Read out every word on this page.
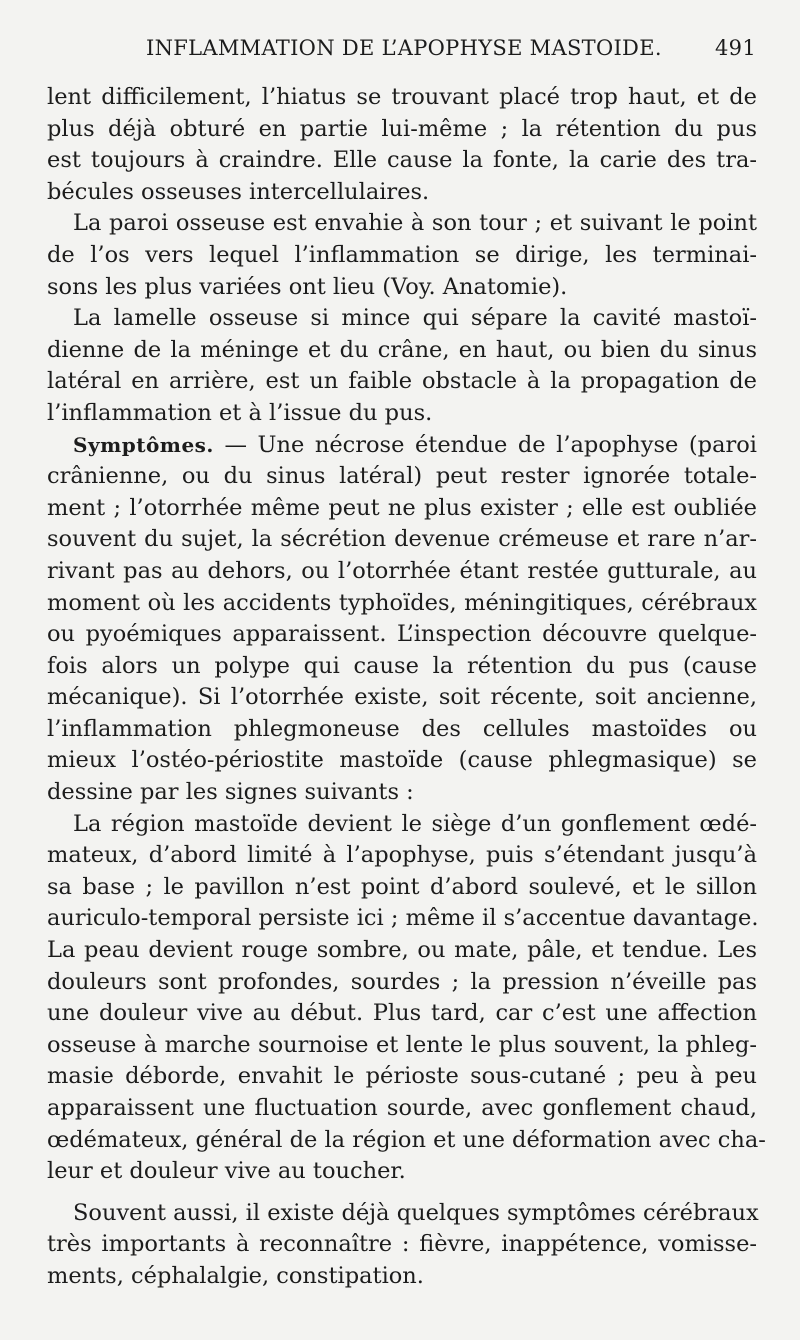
INFLAMMATION DE L’APOPHYSE MASTOIDE.	491
lent difficilement, l’hiatus se trouvant placé trop haut, et de
plus déjà obturé en partie lui-même ; la rétention du pus
est toujours à craindre. Elle cause la fonte, la carie des tra-
bécules osseuses intercellulaires.
La paroi osseuse est envahie à son tour ; et suivant le point
de l’os vers lequel l’inflammation se dirige, les terminai-
sons les plus variées ont lieu (Voy. Anatomie).
La lamelle osseuse si mince qui sépare la cavité mastoï-
dienne de la méninge et du crâne, en haut, ou bien du sinus
latéral en arrière, est un faible obstacle à la propagation de
l’inflammation et à l’issue du pus.
Symptômes. — Une nécrose étendue de l’apophyse (paroi
crânienne, ou du sinus latéral) peut rester ignorée totale-
ment ; l’otorrhée même peut ne plus exister ; elle est oubliée
souvent du sujet, la sécrétion devenue crémeuse et rare n’ar-
rivant pas au dehors, ou l’otorrhée étant restée gutturale, au
moment où les accidents typhoïdes, méningitiques, cérébraux
ou pyoémiques apparaissent. L’inspection découvre quelque-
fois alors un polype qui cause la rétention du pus (cause
mécanique). Si l’otorrhée existe, soit récente, soit ancienne,
l’inflammation phlegmoneuse des cellules mastoïdes ou
mieux l’ostéo-périostite mastoïde (cause phlegmasique) se
dessine par les signes suivants :
La région mastoïde devient le siège d’un gonflement œdé-
mateux, d’abord limité à l’apophyse, puis s’étendant jusqu’à
sa base ; le pavillon n’est point d’abord soulevé, et le sillon
auriculo-temporal persiste ici ; même il s’accentue davantage.
La peau devient rouge sombre, ou mate, pâle, et tendue. Les
douleurs sont profondes, sourdes ; la pression n’éveille pas
une douleur vive au début. Plus tard, car c’est une affection
osseuse à marche sournoise et lente le plus souvent, la phleg-
masie déborde, envahit le périoste sous-cutané ; peu à peu
apparaissent une fluctuation sourde, avec gonflement chaud,
œdémateux, général de la région et une déformation avec cha-
leur et douleur vive au toucher.
Souvent aussi, il existe déjà quelques symptômes cérébraux
très importants à reconnaître : fièvre, inappétence, vomisse-
ments, céphalalgie, constipation.
